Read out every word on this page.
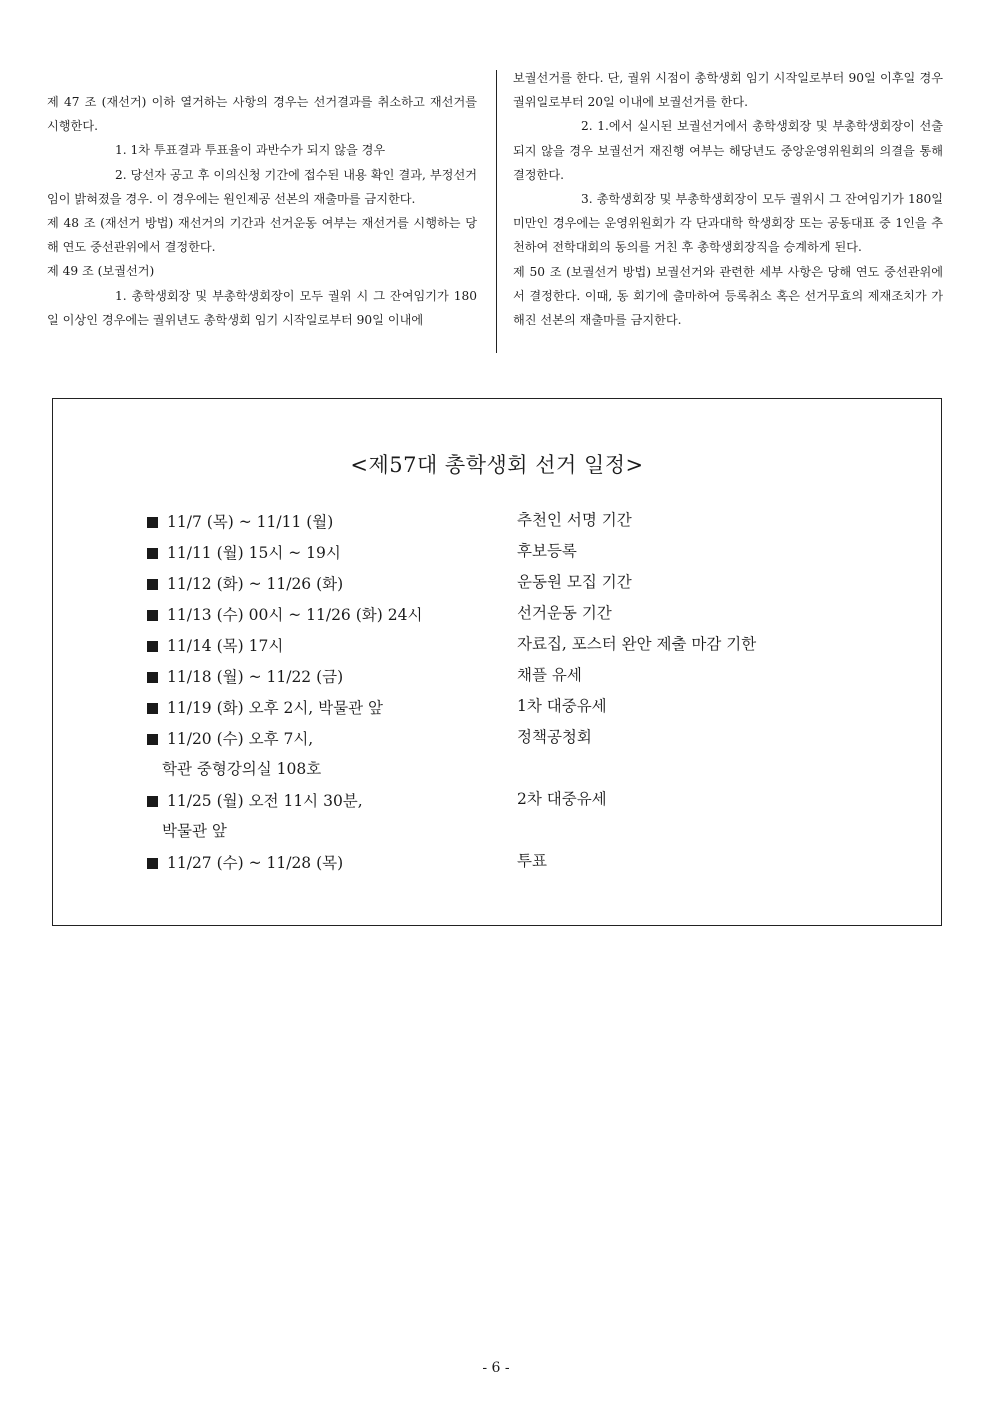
제 47 조 (재선거) 이하 열거하는 사항의 경우는 선거결과를 취소하고 재선거를 시행한다.

1. 1차 투표결과 투표율이 과반수가 되지 않을 경우

2. 당선자 공고 후 이의신청 기간에 접수된 내용 확인 결과, 부정선거임이 밝혀졌을 경우. 이 경우에는 원인제공 선본의 재출마를 금지한다.

제 48 조 (재선거 방법) 재선거의 기간과 선거운동 여부는 재선거를 시행하는 당해 연도 중선관위에서 결정한다.

제 49 조 (보궐선거)

1. 총학생회장 및 부총학생회장이 모두 궐위 시 그 잔여임기가 180일 이상인 경우에는 궐위년도 총학생회 임기 시작일로부터 90일 이내에

보궐선거를 한다. 단, 궐위 시점이 총학생회 임기 시작일로부터 90일 이후일 경우 궐위일로부터 20일 이내에 보궐선거를 한다.

2. 1.에서 실시된 보궐선거에서 총학생회장 및 부총학생회장이 선출되지 않을 경우 보궐선거 재진행 여부는 해당년도 중앙운영위원회의 의결을 통해 결정한다.

3. 총학생회장 및 부총학생회장이 모두 궐위시 그 잔여임기가 180일 미만인 경우에는 운영위원회가 각 단과대학 학생회장 또는 공동대표 중 1인을 추천하여 전학대회의 동의를 거친 후 총학생회장직을 승계하게 된다.

제 50 조 (보궐선거 방법) 보궐선거와 관련한 세부 사항은 당해 연도 중선관위에서 결정한다. 이때, 동 회기에 출마하여 등록취소 혹은 선거무효의 제재조치가 가해진 선본의 재출마를 금지한다.

<제57대 총학생회 선거 일정>
11/7 (목) ~ 11/11 (월)	추천인 서명 기간
11/11 (월) 15시 ~ 19시	후보등록
11/12 (화) ~ 11/26 (화)	운동원 모집 기간
11/13 (수) 00시 ~ 11/26 (화) 24시	선거운동 기간
11/14 (목) 17시	자료집, 포스터 완안 제출 마감 기한
11/18 (월) ~ 11/22 (금)	채플 유세
11/19 (화) 오후 2시, 박물관 앞	1차 대중유세
11/20 (수) 오후 7시,	정책공청회
학관 중형강의실 108호
11/25 (월) 오전 11시 30분,	2차 대중유세
박물관 앞
11/27 (수) ~ 11/28 (목)	투표
- 6 -
